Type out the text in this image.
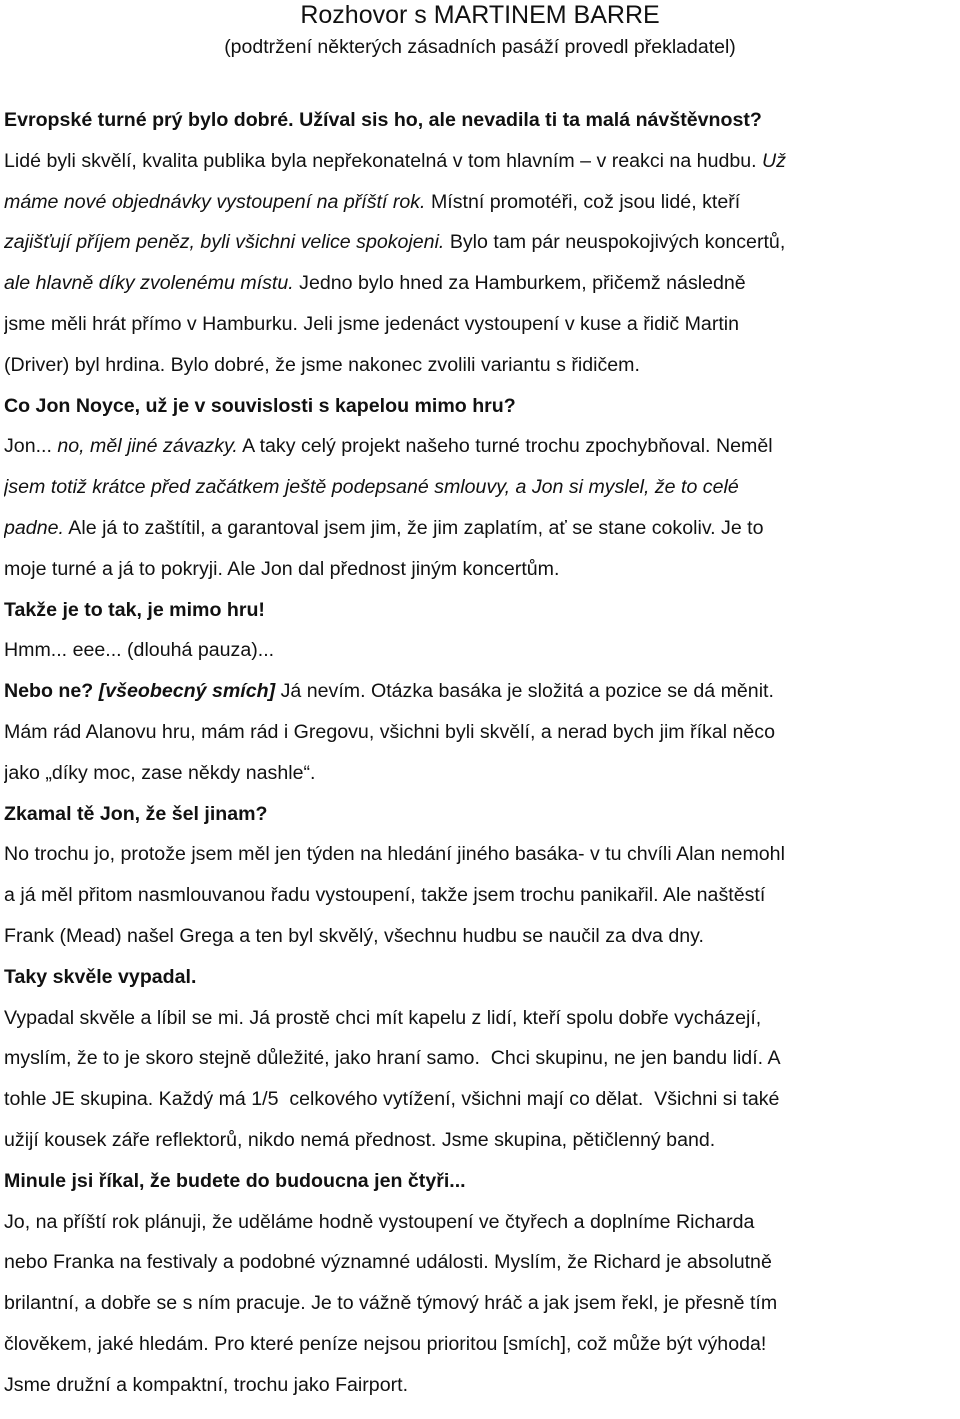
Rozhovor s MARTINEM BARRE
(podtržení některých zásadních pasáží provedl překladatel)
Evropské turné prý bylo dobré. Užíval sis ho, ale nevadila ti ta malá návštěvnost?
Lidé byli skvělí, kvalita publika byla nepřekonatelná v tom hlavním – v reakci na hudbu. Už
máme nové objednávky vystoupení na příští rok. Místní promotéři, což jsou lidé, kteří
zajišťují příjem peněz, byli všichni velice spokojeni. Bylo tam pár neuspokojivých koncertů,
ale hlavně díky zvolenému místu. Jedno bylo hned za Hamburkem, přičemž následně
jsme měli hrát přímo v Hamburku. Jeli jsme jedenáct vystoupení v kuse a řidič Martin
(Driver) byl hrdina. Bylo dobré, že jsme nakonec zvolili variantu s řidičem.
Co Jon Noyce, už je v souvislosti s kapelou mimo hru?
Jon... no, měl jiné závazky. A taky celý projekt našeho turné trochu zpochybňoval. Neměl
jsem totiž krátce před začátkem ještě podepsané smlouvy, a Jon si myslel, že to celé
padne. Ale já to zaštítil, a garantoval jsem jim, že jim zaplatím, ať se stane cokoliv. Je to
moje turné a já to pokryji. Ale Jon dal přednost jiným koncertům.
Takže je to tak, je mimo hru!
Hmm... eee... (dlouhá pauza)...
Nebo ne? [všeobecný smích] Já nevím. Otázka basáka je složitá a pozice se dá měnit.
Mám rád Alanovu hru, mám rád i Gregovu, všichni byli skvělí, a nerad bych jim říkal něco
jako „díky moc, zase někdy nashle“.
Zkamal tě Jon, že šel jinam?
No trochu jo, protože jsem měl jen týden na hledání jiného basáka- v tu chvíli Alan nemohl
a já měl přitom nasmlouvanou řadu vystoupení, takže jsem trochu panikařil. Ale naštěstí
Frank (Mead) našel Grega a ten byl skvělý, všechnu hudbu se naučil za dva dny.
Taky skvěle vypadal.
Vypadal skvěle a líbil se mi. Já prostě chci mít kapelu z lidí, kteří spolu dobře vycházejí,
myslím, že to je skoro stejně důležité, jako hraní samo.  Chci skupinu, ne jen bandu lidí. A
tohle JE skupina. Každý má 1/5  celkového vytížení, všichni mají co dělat.  Všichni si také
užijí kousek záře reflektorů, nikdo nemá přednost. Jsme skupina, pětičlenný band.
Minule jsi říkal, že budete do budoucna jen čtyři...
Jo, na příští rok plánuji, že uděláme hodně vystoupení ve čtyřech a doplníme Richarda
nebo Franka na festivaly a podobné významné události. Myslím, že Richard je absolutně
brilantní, a dobře se s ním pracuje. Je to vážně týmový hráč a jak jsem řekl, je přesně tím
člověkem, jaké hledám. Pro které peníze nejsou prioritou [smích], což může být výhoda!
Jsme družní a kompaktní, trochu jako Fairport.
